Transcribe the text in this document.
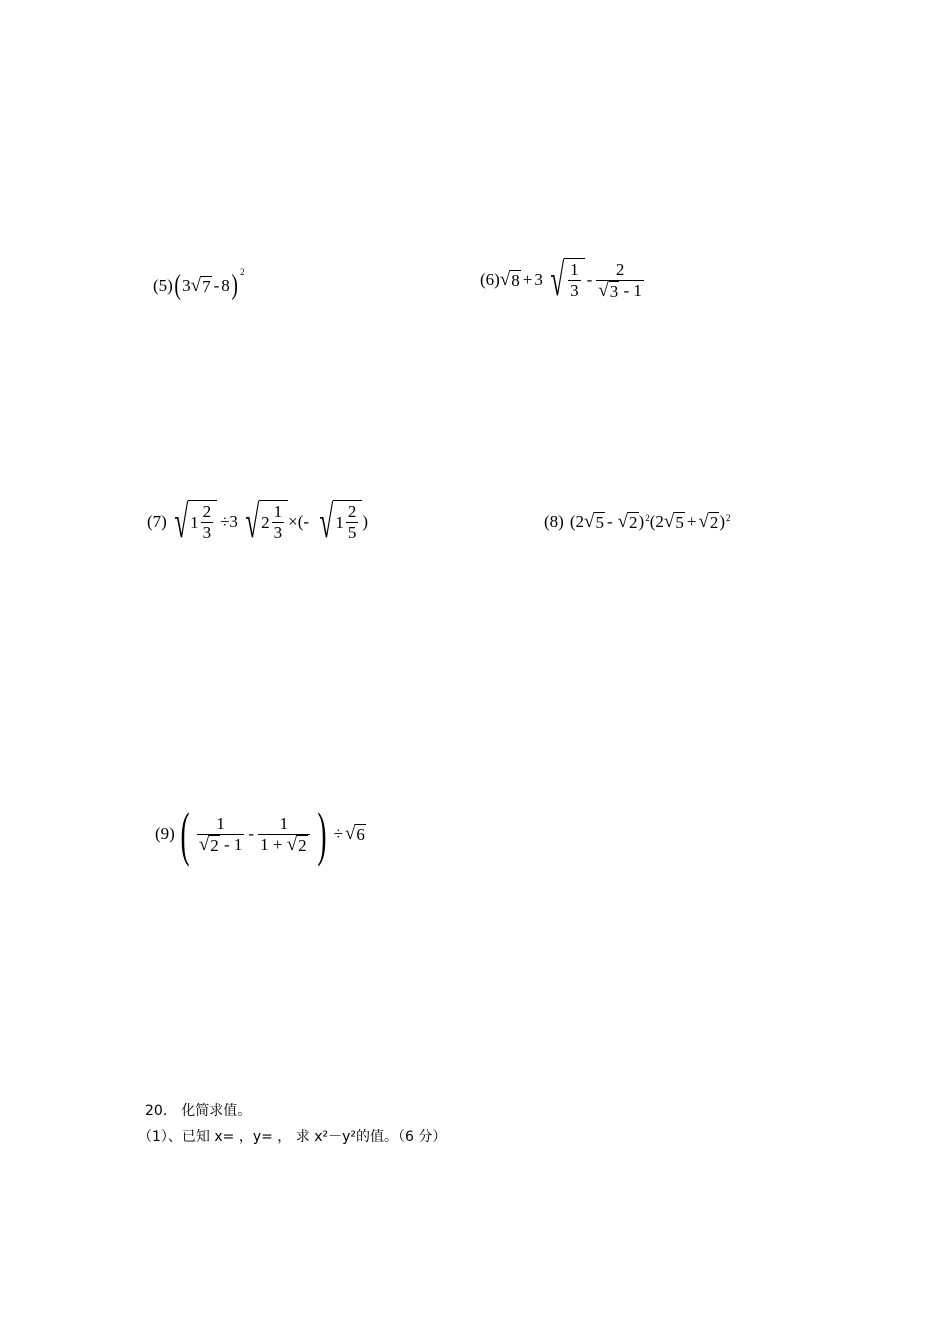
(5) ( 3 √ 7 - 8 ) 2	(6) √ 8 + 3 √ $\frac{1}{3} - \frac{2}{√ 3 - 1}$
(7) √ $1 \frac{2}{3} \div 3$ √ $2 \frac{1}{3}$ ×(- √ $1 \frac{2}{5}$ )	(8) (2 √ 5 - √ 2 ) 2 (2 √ 5 + √ 2 ) 2
(9) ( $\frac{1}{√ 2 - 1} - \frac{1}{1 + √ 2}$ ) ÷ √ 6
20． 化简求值。
（1）、已知 x= ，y= ， 求 x²－y²的值。（6 分）
